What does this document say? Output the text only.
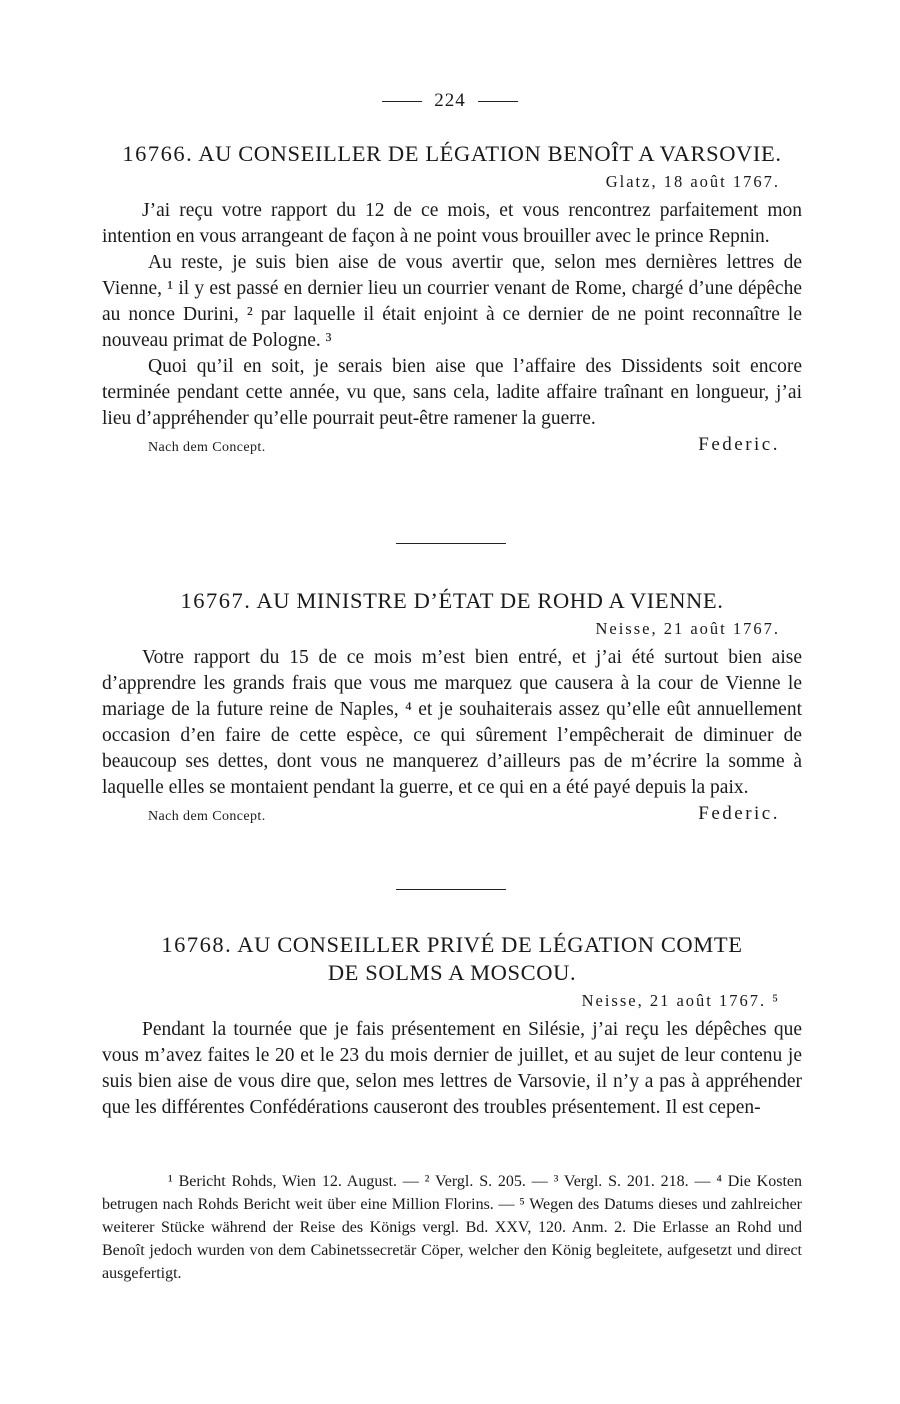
224
16766. AU CONSEILLER DE LÉGATION BENOÎT A VARSOVIE.
Glatz, 18 août 1767.

J’ai reçu votre rapport du 12 de ce mois, et vous rencontrez parfaitement mon intention en vous arrangeant de façon à ne point vous brouiller avec le prince Repnin.

Au reste, je suis bien aise de vous avertir que, selon mes dernières lettres de Vienne, ¹ il y est passé en dernier lieu un courrier venant de Rome, chargé d’une dépêche au nonce Durini, ² par laquelle il était enjoint à ce dernier de ne point reconnaître le nouveau primat de Pologne. ³

Quoi qu’il en soit, je serais bien aise que l’affaire des Dissidents soit encore terminée pendant cette année, vu que, sans cela, ladite affaire traînant en longueur, j’ai lieu d’appréhender qu’elle pourrait peut-être ramener la guerre.

Nach dem Concept.	Federic.
16767. AU MINISTRE D’ÉTAT DE ROHD A VIENNE.
Neisse, 21 août 1767.

Votre rapport du 15 de ce mois m’est bien entré, et j’ai été surtout bien aise d’apprendre les grands frais que vous me marquez que causera à la cour de Vienne le mariage de la future reine de Naples, ⁴ et je souhaiterais assez qu’elle eût annuellement occasion d’en faire de cette espèce, ce qui sûrement l’empêcherait de diminuer de beaucoup ses dettes, dont vous ne manquerez d’ailleurs pas de m’écrire la somme à laquelle elles se montaient pendant la guerre, et ce qui en a été payé depuis la paix.

Nach dem Concept.	Federic.
16768. AU CONSEILLER PRIVÉ DE LÉGATION COMTE
DE SOLMS A MOSCOU.
Neisse, 21 août 1767. ⁵

Pendant la tournée que je fais présentement en Silésie, j’ai reçu les dépêches que vous m’avez faites le 20 et le 23 du mois dernier de juillet, et au sujet de leur contenu je suis bien aise de vous dire que, selon mes lettres de Varsovie, il n’y a pas à appréhender que les différentes Confédérations causeront des troubles présentement. Il est cepen-

¹ Bericht Rohds, Wien 12. August. — ² Vergl. S. 205. — ³ Vergl. S. 201. 218. — ⁴ Die Kosten betrugen nach Rohds Bericht weit über eine Million Florins. — ⁵ Wegen des Datums dieses und zahlreicher weiterer Stücke während der Reise des Königs vergl. Bd. XXV, 120. Anm. 2. Die Erlasse an Rohd und Benoît jedoch wurden von dem Cabinetssecretär Cöper, welcher den König begleitete, aufgesetzt und direct ausgefertigt.
